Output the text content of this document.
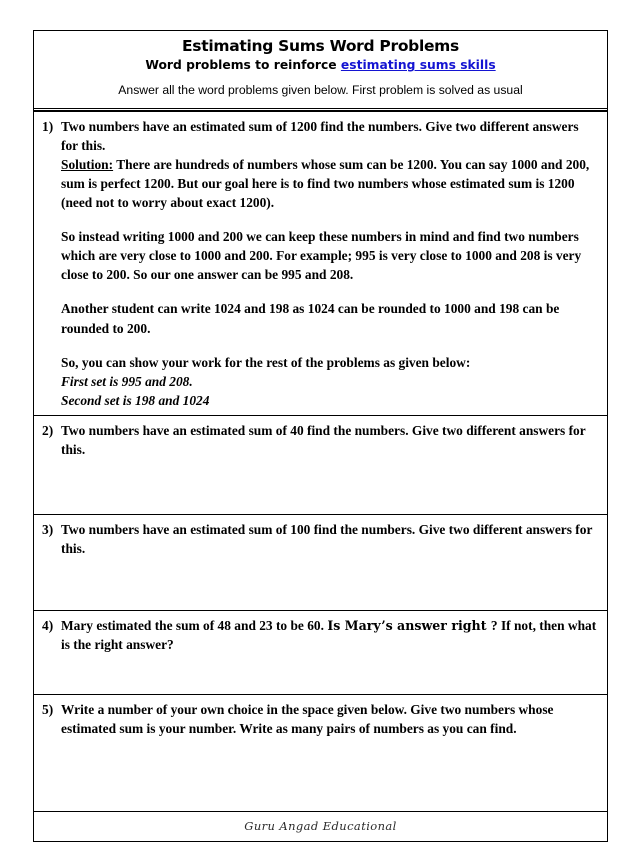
Estimating Sums Word Problems
Word problems to reinforce estimating sums skills
Answer all the word problems given below. First problem is solved as usual
1) Two numbers have an estimated sum of 1200 find the numbers. Give two different answers for this.

Solution: There are hundreds of numbers whose sum can be 1200. You can say 1000 and 200, sum is perfect 1200. But our goal here is to find two numbers whose estimated sum is 1200 (need not to worry about exact 1200).

So instead writing 1000 and 200 we can keep these numbers in mind and find two numbers which are very close to 1000 and 200. For example; 995 is very close to 1000 and 208 is very close to 200. So our one answer can be 995 and 208.

Another student can write 1024 and 198 as 1024 can be rounded to 1000 and 198 can be rounded to 200.

So, you can show your work for the rest of the problems as given below:

First set is 995 and 208.

Second set is 198 and 1024

2) Two numbers have an estimated sum of 40 find the numbers. Give two different answers for this.

3) Two numbers have an estimated sum of 100 find the numbers. Give two different answers for this.

4) Mary estimated the sum of 48 and 23 to be 60. Is Mary’s answer right ? If not, then what is the right answer?

5) Write a number of your own choice in the space given below. Give two numbers whose estimated sum is your number. Write as many pairs of numbers as you can find.

Guru Angad Educational
